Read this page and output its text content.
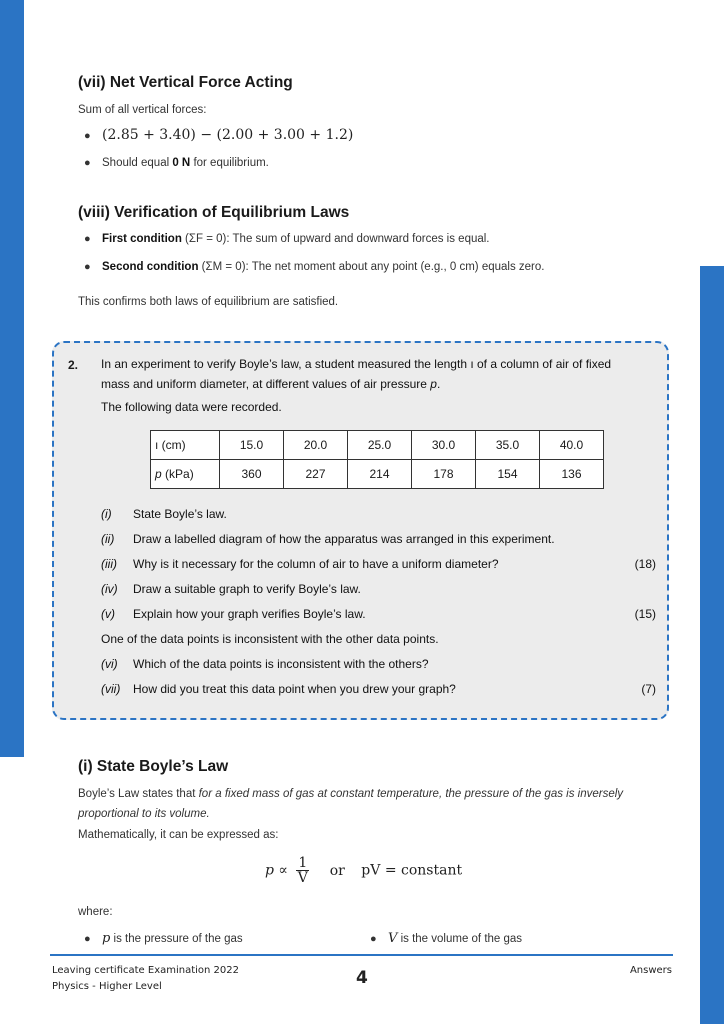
(vii) Net Vertical Force Acting

Sum of all vertical forces:

● (2.85 + 3.40) − (2.00 + 3.00 + 1.2)
● Should equal 0 N for equilibrium.
(viii) Verification of Equilibrium Laws
● First condition (ΣF = 0): The sum of upward and downward forces is equal.
● Second condition (ΣM = 0): The net moment about any point (e.g., 0 cm) equals zero.

This confirms both laws of equilibrium are satisfied.

2. In an experiment to verify Boyle’s law, a student measured the length ı of a column of air of fixed
mass and uniform diameter, at different values of air pressure p.
The following data were recorded.
ı (cm)	15.0	20.0	25.0	30.0	35.0	40.0
p (kPa)	360	227	214	178	154	136
(i) State Boyle’s law.
(ii) Draw a labelled diagram of how the apparatus was arranged in this experiment.
(iii) Why is it necessary for the column of air to have a uniform diameter?	(18)
(iv) Draw a suitable graph to verify Boyle’s law.
(v) Explain how your graph verifies Boyle’s law.	(15)
One of the data points is inconsistent with the other data points.
(vi) Which of the data points is inconsistent with the others?
(vii) How did you treat this data point when you drew your graph?	(7)
(i) State Boyle’s Law

Boyle’s Law states that for a fixed mass of gas at constant temperature, the pressure of the gas is inversely

proportional to its volume.

Mathematically, it can be expressed as:

$p \propto \frac{1}{V}$ or pV = constant

where:

● p is the pressure of the gas	● V is the volume of the gas
Leaving certificate Examination 2022
Physics - Higher Level	4	Answers
